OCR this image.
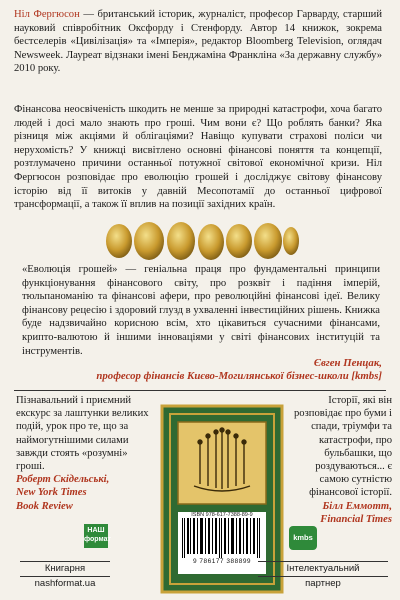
Ніл Фергюсон — британський історик, журналіст, професор Гарварду, старший науковий співробітник Оксфорду і Стенфорду. Автор 14 книжок, зокрема бестселерів «Цивілізація» та «Імперія», редактор Bloomberg Television, оглядач Newsweek. Лауреат відзнаки імені Бенджаміна Франкліна «За державну службу» 2010 року.
Фінансова неосвіченість шкодить не менше за природні катастрофи, хоча багато людей і досі мало знають про гроші. Чим вони є? Що роблять банки? Яка різниця між акціями й облігаціями? Навіщо купувати страхові поліси чи нерухомість? У книжці висвітлено основні фінансові поняття та концепції, розтлумачено причини останньої потужної світової економічної кризи. Ніл Фергюсон розповідає про еволюцію грошей і досліджує світову фінансову історію від її витоків у давній Месопотамії до останньої цифрової трансформації, а також її вплив на позиції західних країн.
«Еволюція грошей» — геніальна праця про фундаментальні принципи функціонування фінансового світу, про розквіт і падіння імперій, тюльпаноманію та фінансові афери, про революційні фінансові ідеї. Велику фінансову рецесію і здоровий глузд в ухваленні інвестиційних рішень. Книжка буде надзвичайно корисною всім, хто цікавиться сучасними фінансами, крипто-валютою й іншими інноваціями у світі фінансових інституцій та інструментів.
Євген Пенцак,
професор фінансів Києво-Могилянської бізнес-школи [kmbs]
Пізнавальний і приємний екскурс за лаштунки великих подій, урок про те, що за наймогутнішими силами завжди стоять «розумні» гроші.
Роберт Скідельські,
New York Times
Book Review
Історії, які він розповідає про буми і спади, тріумфи та катастрофи, про бульбашки, що роздуваються... є самою сутністю фінансової історії.
Білл Еммотт,
Financial Times
ISBN 978-617-7388-89-9
9 786177 388899
НАШ формат	kmbs
Книгарня
nashformat.ua
Інтелектуальний
партнер
